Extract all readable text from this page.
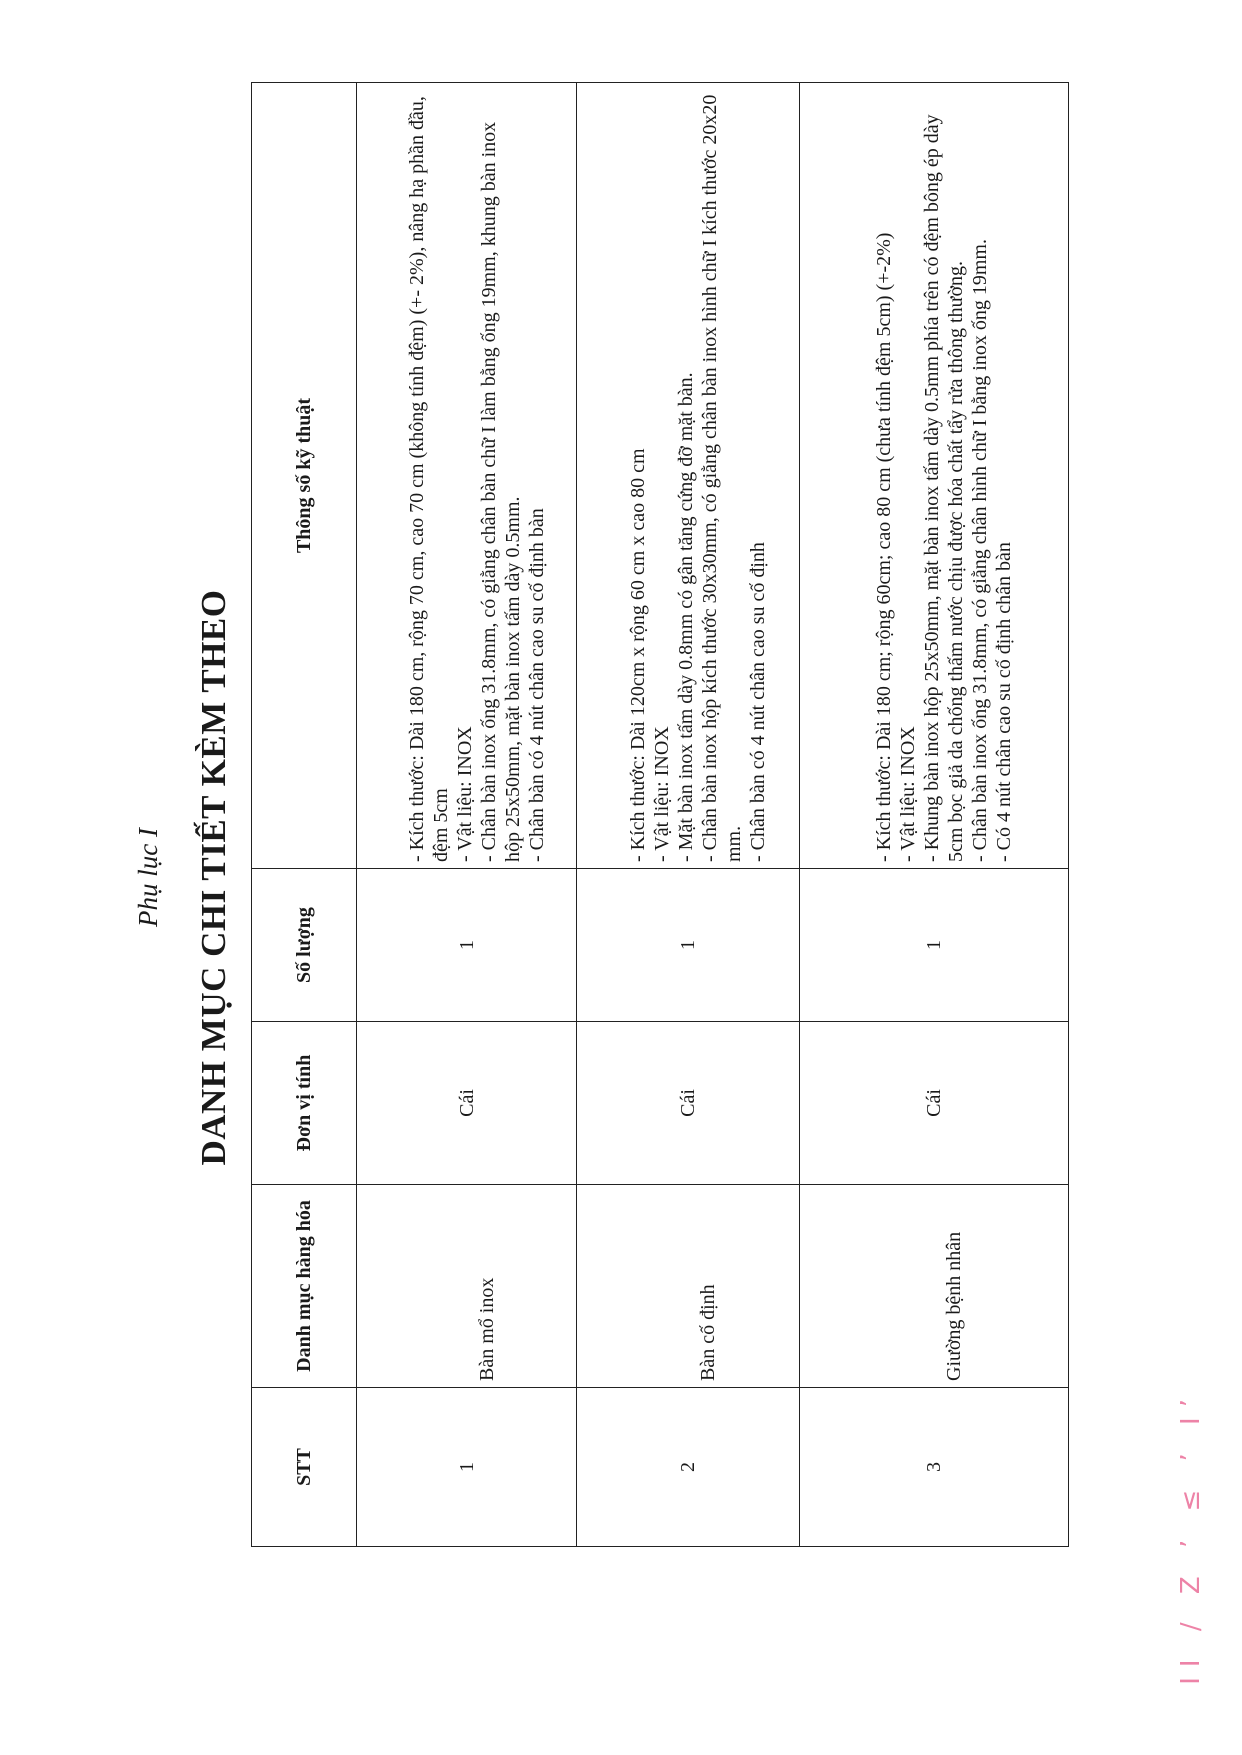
Phụ lục I DANH MỤC CHI TIẾT KÈM THEO
STT	Danh mục hàng hóa	Đơn vị tính	Số lượng	Thông số kỹ thuật
1	Bàn mổ inox	Cái	1	- Kích thước: Dài 180 cm, rộng 70 cm, cao 70 cm (không tính đệm) (+- 2%), nâng hạ phần đầu, đệm 5cm - Vật liệu: INOX - Chân bàn inox ống 31.8mm, có giằng chân bàn chữ I làm bằng ống 19mm, khung bàn inox hộp 25x50mm, mặt bàn inox tấm dày 0.5mm. - Chân bàn có 4 nút chân cao su cố định bàn

2	Bàn cố định	Cái	1	- Kích thước: Dài 120cm x rộng 60 cm x cao 80 cm - Vật liệu: INOX - Mặt bàn inox tấm dày 0.8mm có gân tăng cứng đỡ mặt bàn. - Chân bàn inox hộp kích thước 30x30mm, có giằng chân bàn inox hình chữ I kích thước 20x20 mm. - Chân bàn có 4 nút chân cao su cố định

3	Giường bệnh nhân	Cái	1	- Kích thước: Dài 180 cm; rộng 60cm; cao 80 cm (chưa tính đệm 5cm) (+-2%) - Vật liệu: INOX - Khung bàn inox hộp 25x50mm, mặt bàn inox tấm dày 0.5mm phía trên có đệm bông ép dày 5cm bọc giả da chống thấm nước chịu được hóa chất tẩy rửa thông thường. - Chân bàn inox ống 31.8mm, có giằng chân hình chữ I bằng inox ống 19mm. - Có 4 nút chân cao su cố định chân bàn
II / Z ʼ ≤ ʼ Iʼ
